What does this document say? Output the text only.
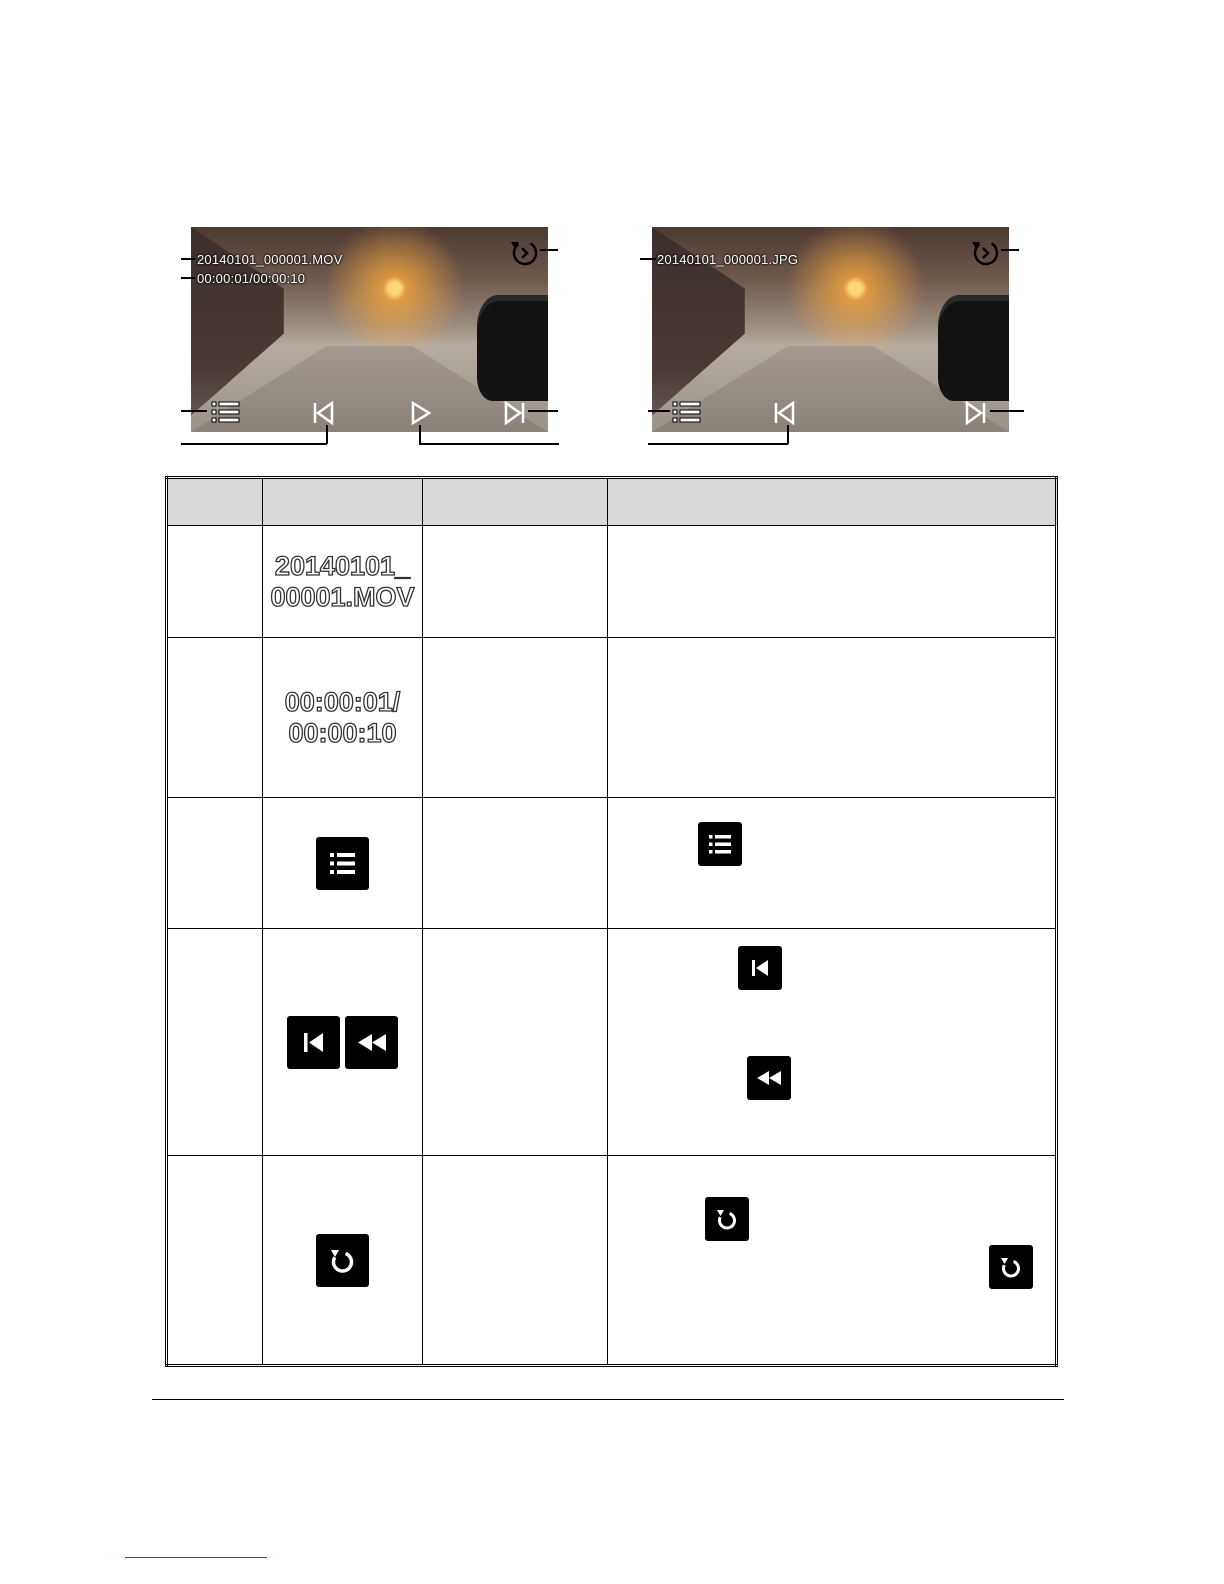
20140101_000001.MOV
00:00:01/00:00:10
20140101_000001.JPG

	20140101_
00001.MOV		

	00:00:01/
00:00:10		
